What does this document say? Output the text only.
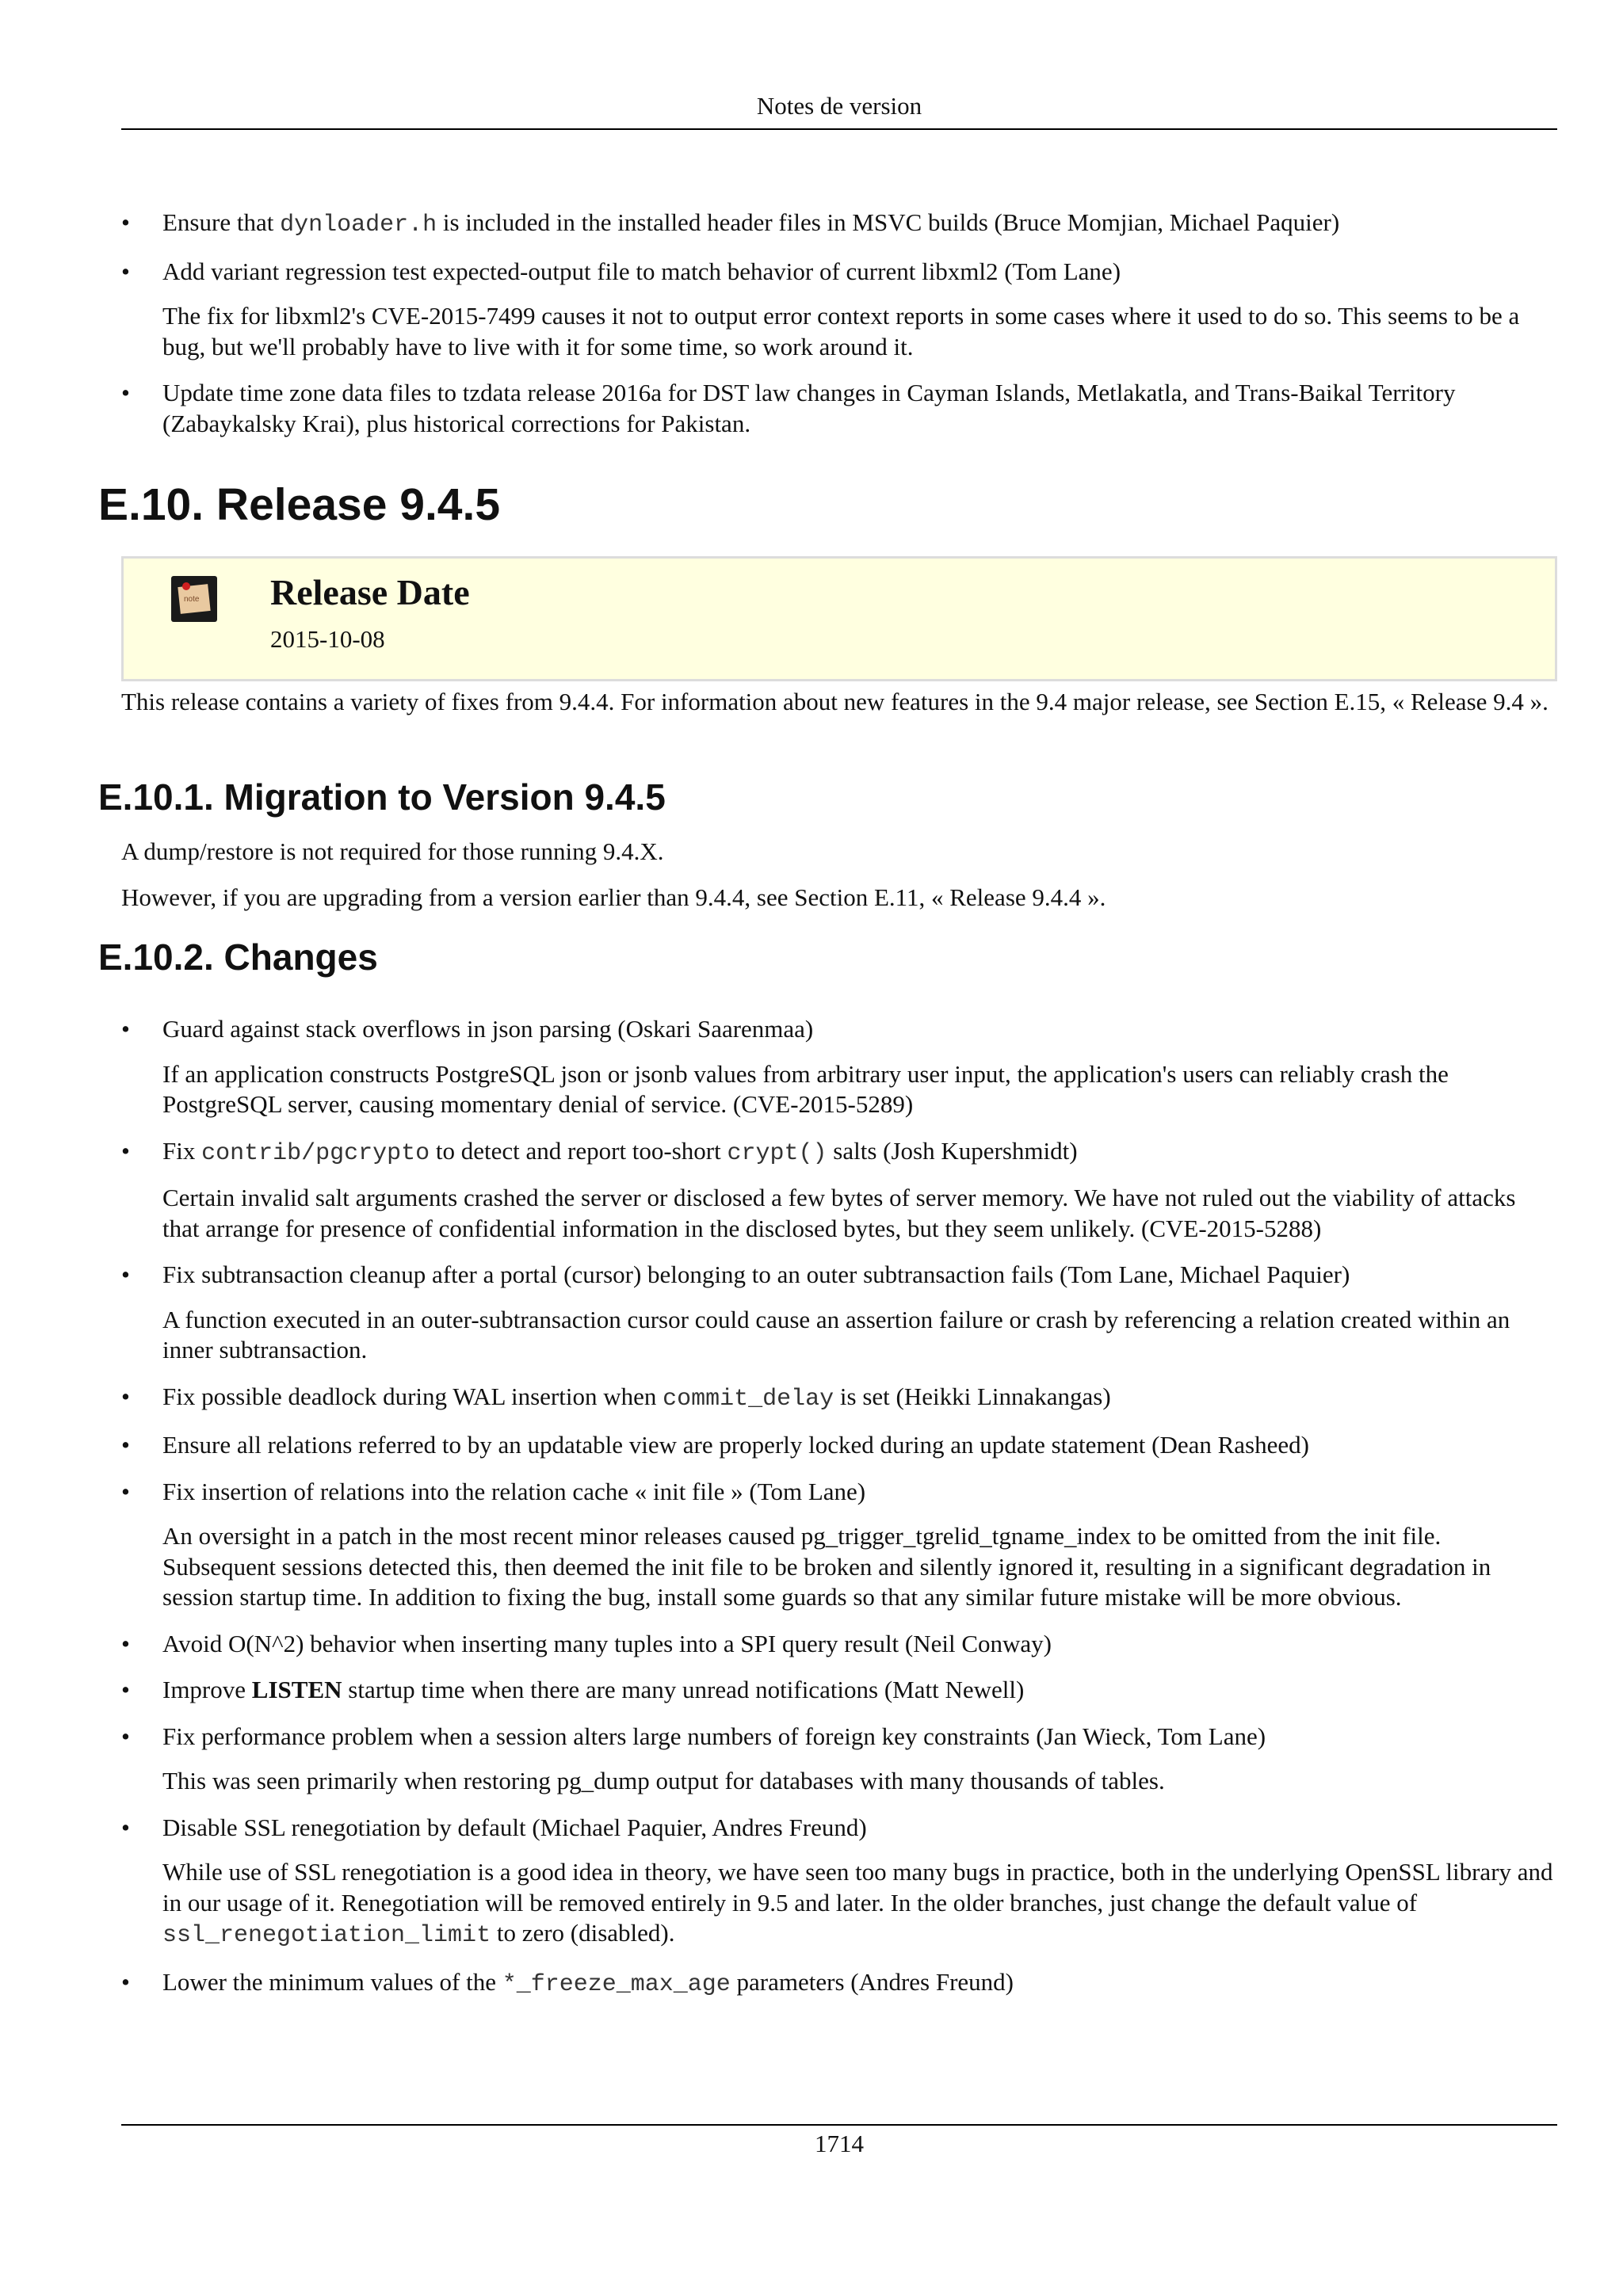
Notes de version
• Ensure that dynloader.h is included in the installed header files in MSVC builds (Bruce Momjian, Michael Paquier)
• Add variant regression test expected-output file to match behavior of current libxml2 (Tom Lane)
The fix for libxml2's CVE-2015-7499 causes it not to output error context reports in some cases where it used to do so. This seems to be a bug, but we'll probably have to live with it for some time, so work around it.
• Update time zone data files to tzdata release 2016a for DST law changes in Cayman Islands, Metlakatla, and Trans-Baikal Territory (Zabaykalsky Krai), plus historical corrections for Pakistan.
E.10. Release 9.4.5
note Release Date
2015-10-08

This release contains a variety of fixes from 9.4.4. For information about new features in the 9.4 major release, see Section E.15, « Release 9.4 ».

E.10.1. Migration to Version 9.4.5

A dump/restore is not required for those running 9.4.X.

However, if you are upgrading from a version earlier than 9.4.4, see Section E.11, « Release 9.4.4 ».

E.10.2. Changes
• Guard against stack overflows in json parsing (Oskari Saarenmaa)
If an application constructs PostgreSQL json or jsonb values from arbitrary user input, the application's users can reliably crash the PostgreSQL server, causing momentary denial of service. (CVE-2015-5289)
• Fix contrib/pgcrypto to detect and report too-short crypt() salts (Josh Kupershmidt)
Certain invalid salt arguments crashed the server or disclosed a few bytes of server memory. We have not ruled out the viability of attacks that arrange for presence of confidential information in the disclosed bytes, but they seem unlikely. (CVE-2015-5288)
• Fix subtransaction cleanup after a portal (cursor) belonging to an outer subtransaction fails (Tom Lane, Michael Paquier)
A function executed in an outer-subtransaction cursor could cause an assertion failure or crash by referencing a relation created within an inner subtransaction.
• Fix possible deadlock during WAL insertion when commit_delay is set (Heikki Linnakangas)
• Ensure all relations referred to by an updatable view are properly locked during an update statement (Dean Rasheed)
• Fix insertion of relations into the relation cache « init file » (Tom Lane)
An oversight in a patch in the most recent minor releases caused pg_trigger_tgrelid_tgname_index to be omitted from the init file. Subsequent sessions detected this, then deemed the init file to be broken and silently ignored it, resulting in a significant degradation in session startup time. In addition to fixing the bug, install some guards so that any similar future mistake will be more obvious.
• Avoid O(N^2) behavior when inserting many tuples into a SPI query result (Neil Conway)
• Improve LISTEN startup time when there are many unread notifications (Matt Newell)
• Fix performance problem when a session alters large numbers of foreign key constraints (Jan Wieck, Tom Lane)
This was seen primarily when restoring pg_dump output for databases with many thousands of tables.
• Disable SSL renegotiation by default (Michael Paquier, Andres Freund)
While use of SSL renegotiation is a good idea in theory, we have seen too many bugs in practice, both in the underlying OpenSSL library and in our usage of it. Renegotiation will be removed entirely in 9.5 and later. In the older branches, just change the default value of ssl_renegotiation_limit to zero (disabled).
• Lower the minimum values of the *_freeze_max_age parameters (Andres Freund)
1714
